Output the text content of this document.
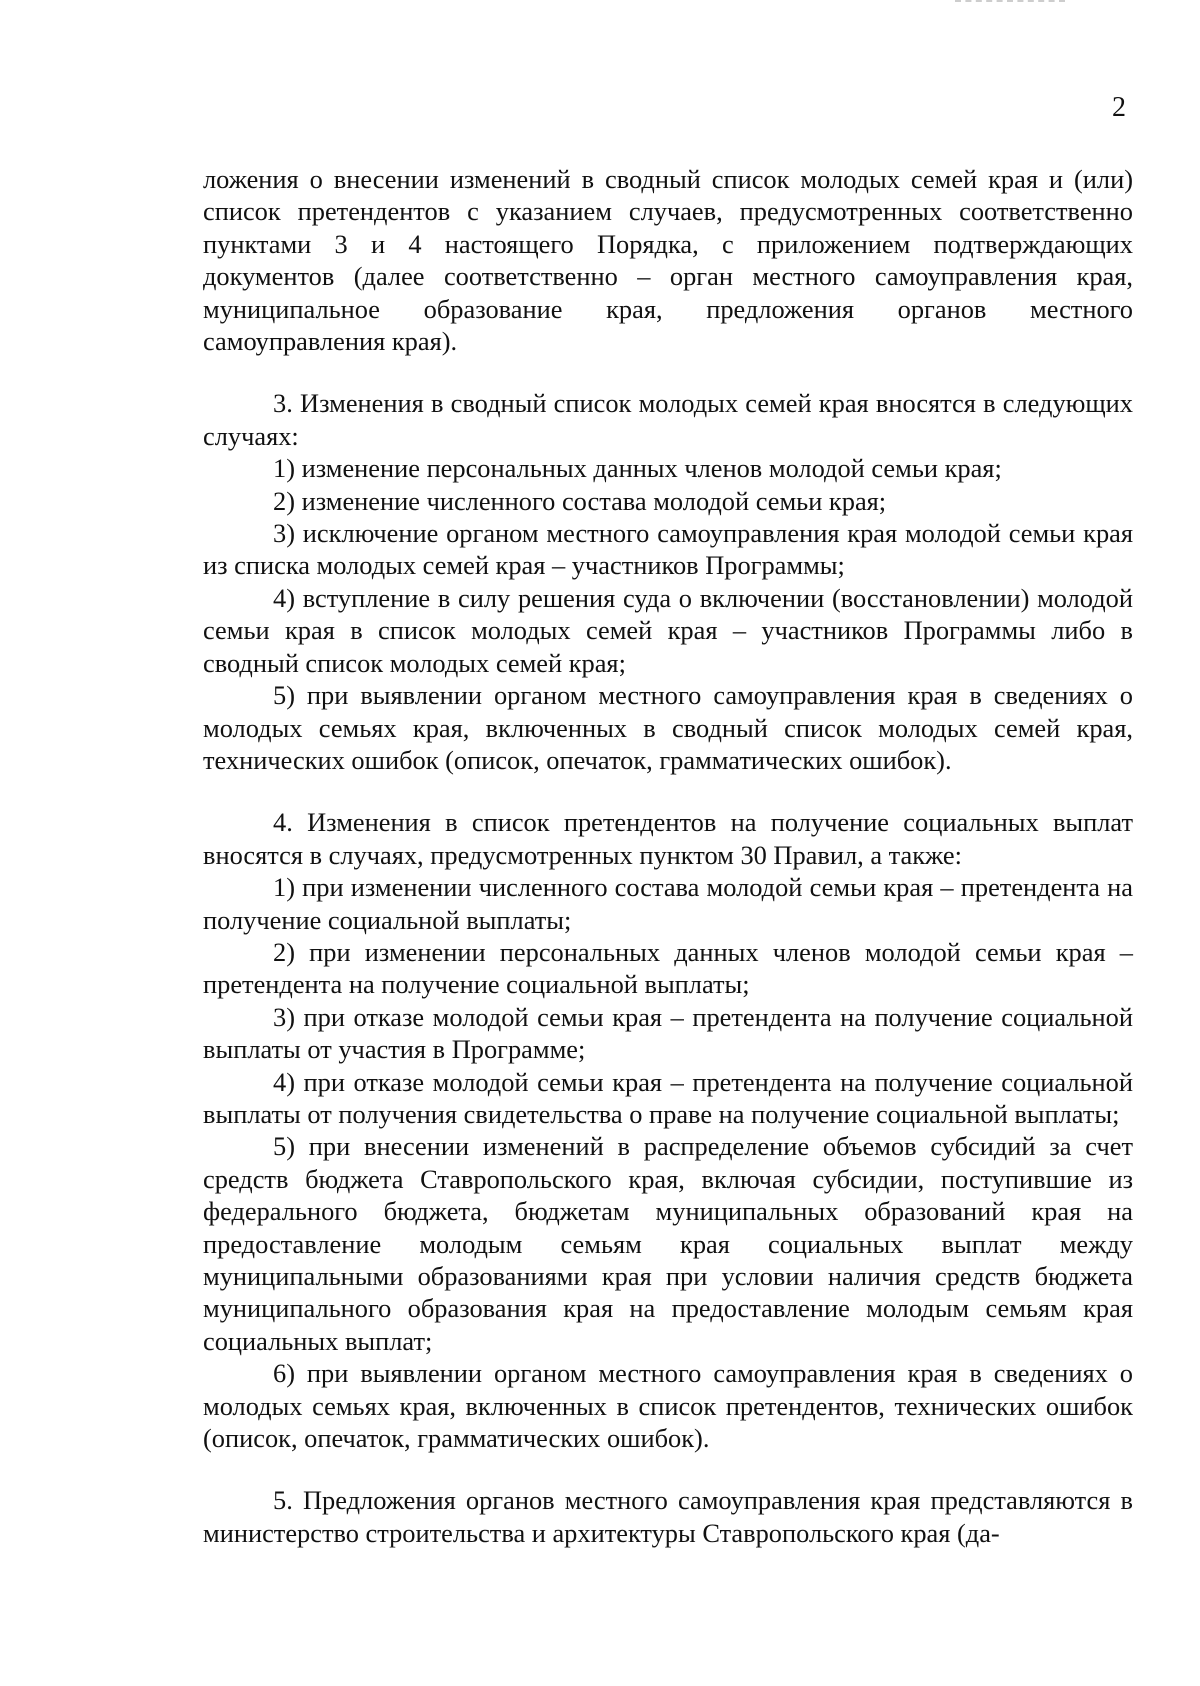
2

ложения о внесении изменений в сводный список молодых семей края и (или) список претендентов с указанием случаев, предусмотренных соответственно пунктами 3 и 4 настоящего Порядка, с приложением подтверждающих документов (далее соответственно – орган местного самоуправления края, муниципальное образование края, предложения органов местного самоуправления края).

3. Изменения в сводный список молодых семей края вносятся в следующих случаях:

1) изменение персональных данных членов молодой семьи края;

2) изменение численного состава молодой семьи края;

3) исключение органом местного самоуправления края молодой семьи края из списка молодых семей края – участников Программы;

4) вступление в силу решения суда о включении (восстановлении) молодой семьи края в список молодых семей края – участников Программы либо в сводный список молодых семей края;

5) при выявлении органом местного самоуправления края в сведениях о молодых семьях края, включенных в сводный список молодых семей края, технических ошибок (описок, опечаток, грамматических ошибок).

4. Изменения в список претендентов на получение социальных выплат вносятся в случаях, предусмотренных пунктом 30 Правил, а также:

1) при изменении численного состава молодой семьи края – претендента на получение социальной выплаты;

2) при изменении персональных данных членов молодой семьи края – претендента на получение социальной выплаты;

3) при отказе молодой семьи края – претендента на получение социальной выплаты от участия в Программе;

4) при отказе молодой семьи края – претендента на получение социальной выплаты от получения свидетельства о праве на получение социальной выплаты;

5) при внесении изменений в распределение объемов субсидий за счет средств бюджета Ставропольского края, включая субсидии, поступившие из федерального бюджета, бюджетам муниципальных образований края на предоставление молодым семьям края социальных выплат между муниципальными образованиями края при условии наличия средств бюджета муниципального образования края на предоставление молодым семьям края социальных выплат;

6) при выявлении органом местного самоуправления края в сведениях о молодых семьях края, включенных в список претендентов, технических ошибок (описок, опечаток, грамматических ошибок).

5. Предложения органов местного самоуправления края представляются в министерство строительства и архитектуры Ставропольского края (да-
